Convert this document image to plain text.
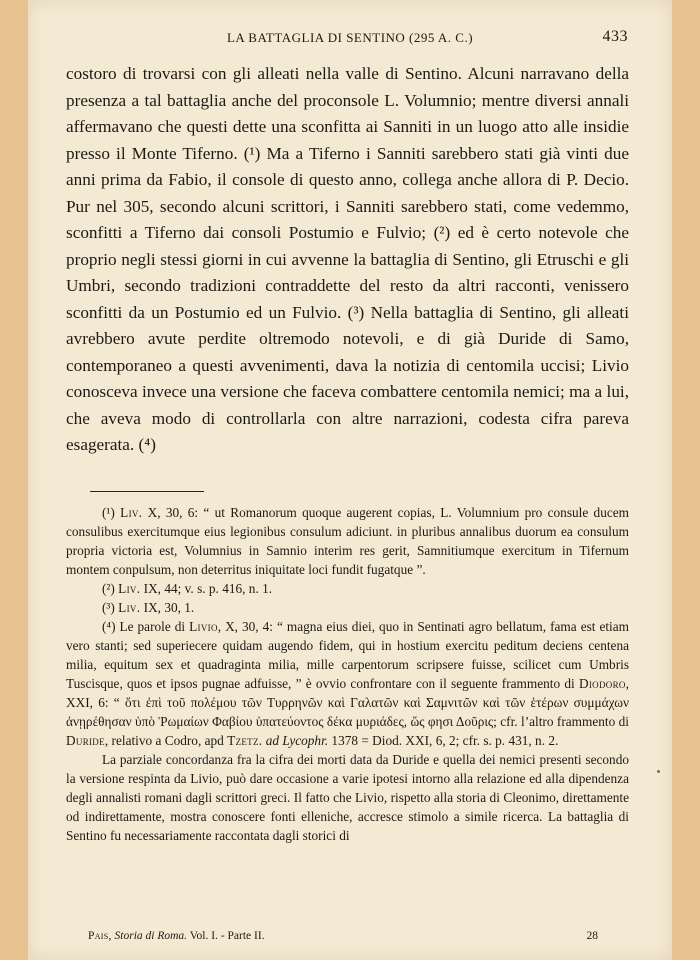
LA BATTAGLIA DI SENTINO (295 A. C.)	433

costoro di trovarsi con gli alleati nella valle di Sentino. Alcuni narravano della presenza a tal battaglia anche del proconsole L. Volumnio; mentre diversi annali affermavano che questi dette una sconfitta ai Sanniti in un luogo atto alle insidie presso il Monte Tiferno. (¹) Ma a Tiferno i Sanniti sarebbero stati già vinti due anni prima da Fabio, il console di questo anno, collega anche allora di P. Decio. Pur nel 305, secondo alcuni scrittori, i Sanniti sarebbero stati, come vedemmo, sconfitti a Tiferno dai consoli Postumio e Fulvio; (²) ed è certo notevole che proprio negli stessi giorni in cui avvenne la battaglia di Sentino, gli Etruschi e gli Umbri, secondo tradizioni contraddette del resto da altri racconti, venissero sconfitti da un Postumio ed un Fulvio. (³) Nella battaglia di Sentino, gli alleati avrebbero avute perdite oltremodo notevoli, e di già Duride di Samo, contemporaneo a questi avvenimenti, dava la notizia di centomila uccisi; Livio conosceva invece una versione che faceva combattere centomila nemici; ma a lui, che aveva modo di controllarla con altre narrazioni, codesta cifra pareva esagerata. (⁴)

(¹) Liv. X, 30, 6: “ ut Romanorum quoque augerent copias, L. Volumnium pro consule ducem consulibus exercitumque eius legionibus consulum adiciunt. in pluribus annalibus duorum ea consulum propria victoria est, Volumnius in Samnio interim res gerit, Samnitiumque exercitum in Tifernum montem conpulsum, non deterritus iniquitate loci fundit fugatque ”.

(²) Liv. IX, 44; v. s. p. 416, n. 1.

(³) Liv. IX, 30, 1.

(⁴) Le parole di Livio, X, 30, 4: “ magna eius diei, quo in Sentinati agro bellatum, fama est etiam vero stanti; sed superiecere quidam augendo fidem, qui in hostium exercitu peditum deciens centena milia, equitum sex et quadraginta milia, mille carpentorum scripsere fuisse, scilicet cum Umbris Tuscisque, quos et ipsos pugnae adfuisse, ” è ovvio confrontare con il seguente frammento di Diodoro, XXI, 6: “ ὅτι ἐπὶ τοῦ πολέμου τῶν Τυρρηνῶν καὶ Γαλατῶν καὶ Σαμνιτῶν καὶ τῶν ἑτέρων συμμάχων ἀνῃρέθησαν ὑπὸ Ῥωμαίων Φαβίου ὑπατεύοντος δέκα μυριάδες, ὥς φησι Δοῦρις; cfr. l’altro frammento di Duride, relativo a Codro, apd Tzetz. ad Lycophr. 1378 = Diod. XXI, 6, 2; cfr. s. p. 431, n. 2.

La parziale concordanza fra la cifra dei morti data da Duride e quella dei nemici presenti secondo la versione respinta da Livio, può dare occasione a varie ipotesi intorno alla relazione ed alla dipendenza degli annalisti romani dagli scrittori greci. Il fatto che Livio, rispetto alla storia di Cleonimo, direttamente od indirettamente, mostra conoscere fonti elleniche, accresce stimolo a simile ricerca. La battaglia di Sentino fu necessariamente raccontata dagli storici di

Pais, Storia di Roma. Vol. I. - Parte II.	28
